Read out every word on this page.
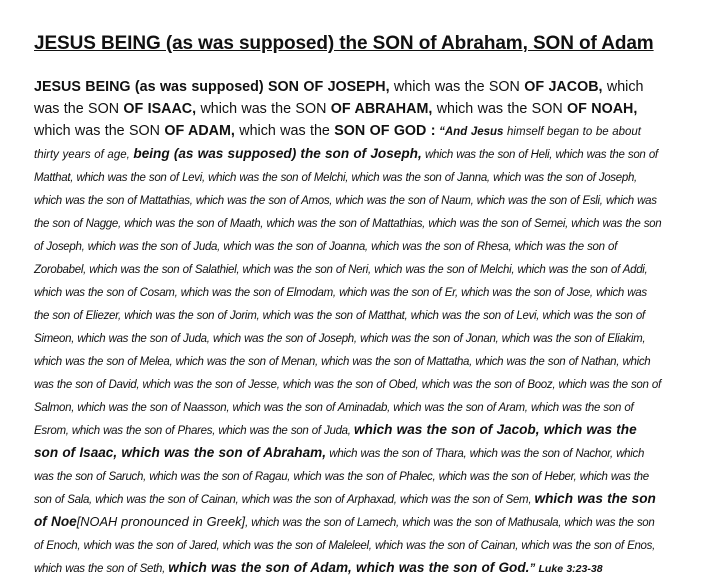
JESUS BEING (as was supposed) the SON of Abraham, SON of Adam
JESUS BEING (as was supposed) SON OF JOSEPH, which was the SON OF JACOB, which was the SON OF ISAAC, which was the SON OF ABRAHAM, which was the SON OF NOAH, which was the SON OF ADAM, which was the SON OF GOD : “And Jesus himself began to be about thirty years of age, being (as was supposed) the son of Joseph, which was the son of Heli, which was the son of Matthat, which was the son of Levi, which was the son of Melchi, which was the son of Janna, which was the son of Joseph, which was the son of Mattathias, which was the son of Amos, which was the son of Naum, which was the son of Esli, which was the son of Nagge, which was the son of Maath, which was the son of Mattathias, which was the son of Semei, which was the son of Joseph, which was the son of Juda, which was the son of Joanna, which was the son of Rhesa, which was the son of Zorobabel, which was the son of Salathiel, which was the son of Neri, which was the son of Melchi, which was the son of Addi, which was the son of Cosam, which was the son of Elmodam, which was the son of Er, which was the son of Jose, which was the son of Eliezer, which was the son of Jorim, which was the son of Matthat, which was the son of Levi, which was the son of Simeon, which was the son of Juda, which was the son of Joseph, which was the son of Jonan, which was the son of Eliakim, which was the son of Melea, which was the son of Menan, which was the son of Mattatha, which was the son of Nathan, which was the son of David, which was the son of Jesse, which was the son of Obed, which was the son of Booz, which was the son of Salmon, which was the son of Naasson, which was the son of Aminadab, which was the son of Aram, which was the son of Esrom, which was the son of Phares, which was the son of Juda, which was the son of Jacob, which was the son of Isaac, which was the son of Abraham, which was the son of Thara, which was the son of Nachor, which was the son of Saruch, which was the son of Ragau, which was the son of Phalec, which was the son of Heber, which was the son of Sala, which was the son of Cainan, which was the son of Arphaxad, which was the son of Sem, which was the son of Noe[NOAH pronounced in Greek], which was the son of Lamech, which was the son of Mathusala, which was the son of Enoch, which was the son of Jared, which was the son of Maleleel, which was the son of Cainan, which was the son of Enos, which was the son of Seth, which was the son of Adam, which was the son of God.” Luke 3:23-38
